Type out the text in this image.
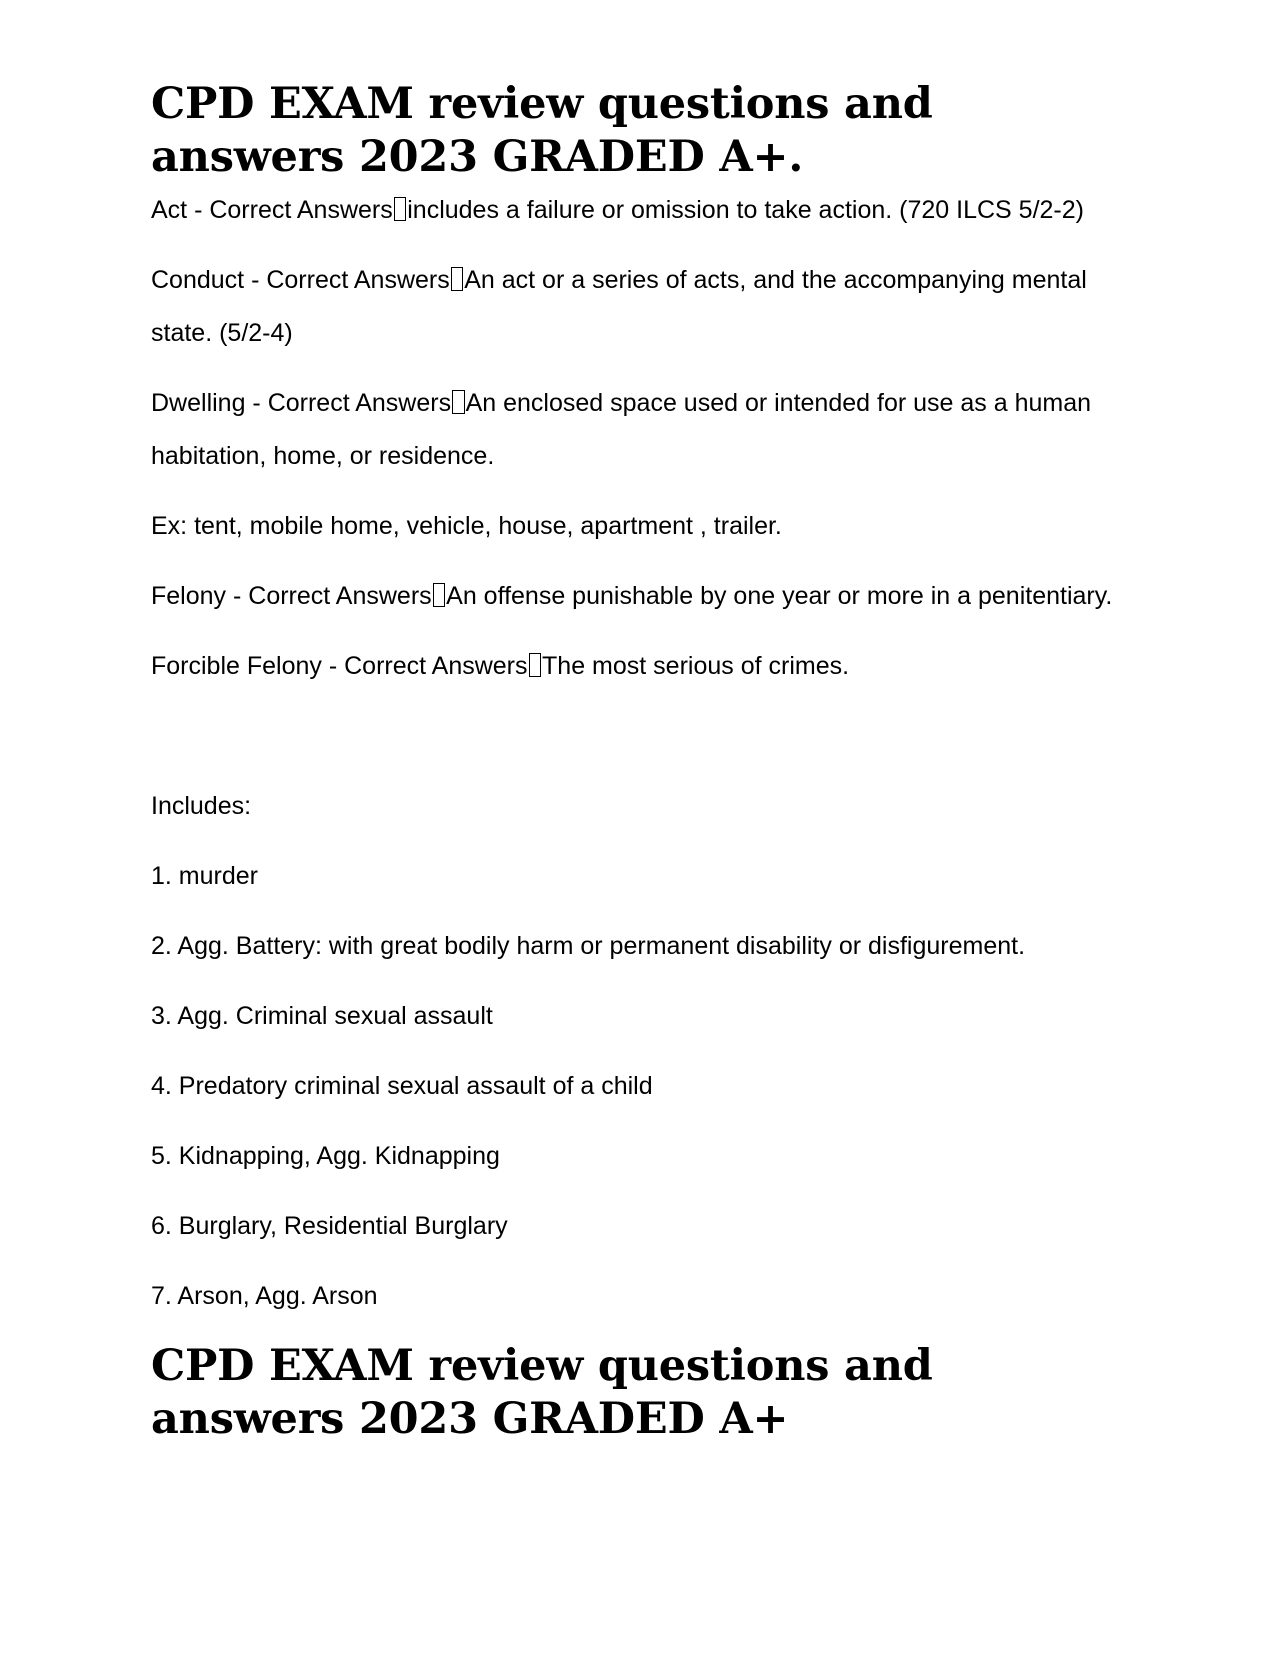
CPD EXAM review questions and answers 2023 GRADED A+.

Act - Correct Answers includes a failure or omission to take action. (720 ILCS 5/2-2)

Conduct - Correct Answers An act or a series of acts, and the accompanying mental state. (5/2-4)

Dwelling - Correct Answers An enclosed space used or intended for use as a human habitation, home, or residence.

Ex: tent, mobile home, vehicle, house, apartment , trailer.

Felony - Correct Answers An offense punishable by one year or more in a penitentiary.

Forcible Felony - Correct Answers The most serious of crimes.

Includes:

1. murder
2. Agg. Battery: with great bodily harm or permanent disability or disfigurement.
3. Agg. Criminal sexual assault
4. Predatory criminal sexual assault of a child
5. Kidnapping, Agg. Kidnapping
6. Burglary, Residential Burglary
7. Arson, Agg. Arson
CPD EXAM review questions and answers 2023 GRADED A+
